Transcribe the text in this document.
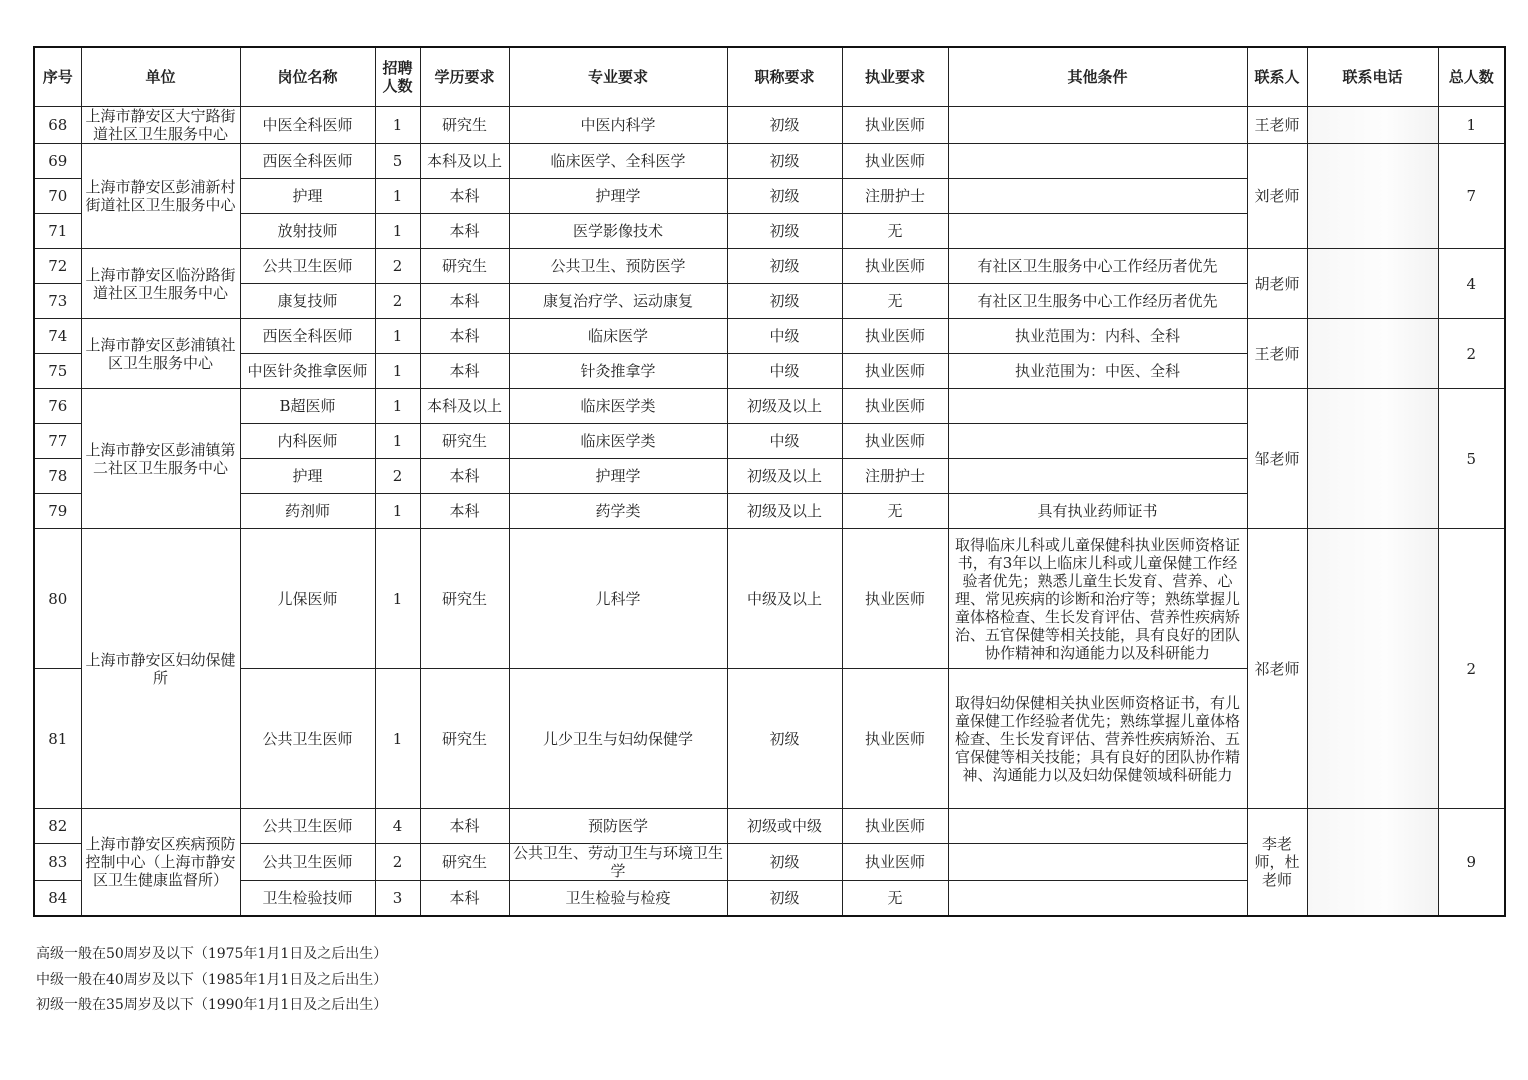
序号	单位	岗位名称	招聘人数	学历要求	专业要求	职称要求	执业要求	其他条件	联系人	联系电话	总人数
68	上海市静安区大宁路街道社区卫生服务中心	中医全科医师	1	研究生	中医内科学	初级	执业医师		王老师		1
69	上海市静安区彭浦新村街道社区卫生服务中心	西医全科医师	5	本科及以上	临床医学、全科医学	初级	执业医师		刘老师		7
70		护理	1	本科	护理学	初级	注册护士				
71		放射技师	1	本科	医学影像技术	初级	无				
72	上海市静安区临汾路街道社区卫生服务中心	公共卫生医师	2	研究生	公共卫生、预防医学	初级	执业医师	有社区卫生服务中心工作经历者优先	胡老师		4
73		康复技师	2	本科	康复治疗学、运动康复	初级	无	有社区卫生服务中心工作经历者优先			
74	上海市静安区彭浦镇社区卫生服务中心	西医全科医师	1	本科	临床医学	中级	执业医师	执业范围为：内科、全科	王老师		2
75		中医针灸推拿医师	1	本科	针灸推拿学	中级	执业医师	执业范围为：中医、全科			
76	上海市静安区彭浦镇第二社区卫生服务中心	B超医师	1	本科及以上	临床医学类	初级及以上	执业医师		邹老师		5
77		内科医师	1	研究生	临床医学类	中级	执业医师				
78		护理	2	本科	护理学	初级及以上	注册护士				
79		药剂师	1	本科	药学类	初级及以上	无	具有执业药师证书			
80	上海市静安区妇幼保健所	儿保医师	1	研究生	儿科学	中级及以上	执业医师	取得临床儿科或儿童保健科执业医师资格证书，有3年以上临床儿科或儿童保健工作经验者优先；熟悉儿童生长发育、营养、心理、常见疾病的诊断和治疗等；熟练掌握儿童体格检查、生长发育评估、营养性疾病矫治、五官保健等相关技能，具有良好的团队协作精神和沟通能力以及科研能力	祁老师		2
81		公共卫生医师	1	研究生	儿少卫生与妇幼保健学	初级	执业医师	取得妇幼保健相关执业医师资格证书，有儿童保健工作经验者优先；熟练掌握儿童体格检查、生长发育评估、营养性疾病矫治、五官保健等相关技能；具有良好的团队协作精神、沟通能力以及妇幼保健领域科研能力			
82	上海市静安区疾病预防控制中心（上海市静安区卫生健康监督所）	公共卫生医师	4	本科	预防医学	初级或中级	执业医师		李老师，杜老师		9
83		公共卫生医师	2	研究生	公共卫生、劳动卫生与环境卫生学	初级	执业医师				
84		卫生检验技师	3	本科	卫生检验与检疫	初级	无				
高级一般在50周岁及以下（1975年1月1日及之后出生）
中级一般在40周岁及以下（1985年1月1日及之后出生）
初级一般在35周岁及以下（1990年1月1日及之后出生）
